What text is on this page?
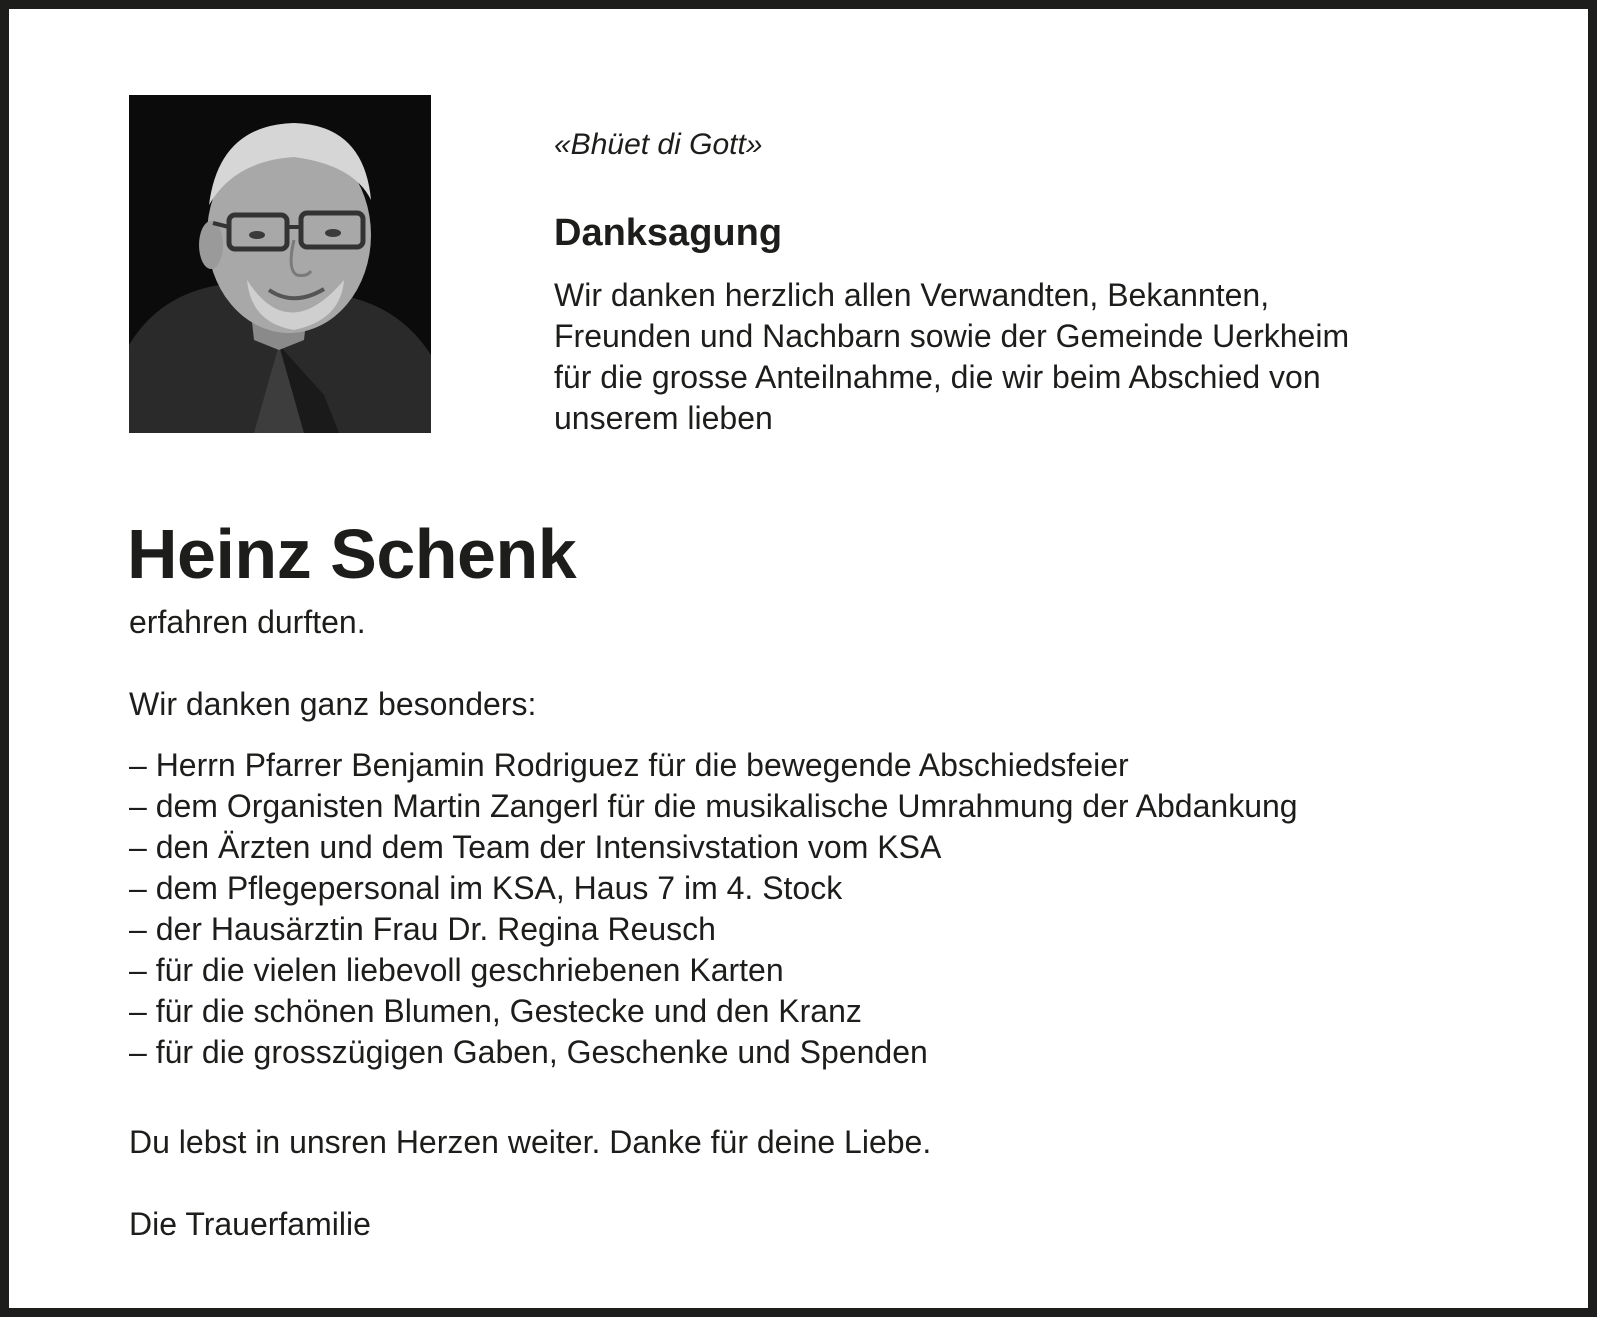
«Bhüet di Gott»

Danksagung

Wir danken herzlich allen Verwandten, Bekannten,
Freunden und Nachbarn sowie der Gemeinde Uerkheim
für die grosse Anteilnahme, die wir beim Abschied von
unserem lieben

Heinz Schenk

erfahren durften.

Wir danken ganz besonders:

– Herrn Pfarrer Benjamin Rodriguez für die bewegende Abschiedsfeier
– dem Organisten Martin Zangerl für die musikalische Umrahmung der Abdankung
– den Ärzten und dem Team der Intensivstation vom KSA
– dem Pflegepersonal im KSA, Haus 7 im 4. Stock
– der Hausärztin Frau Dr. Regina Reusch
– für die vielen liebevoll geschriebenen Karten
– für die schönen Blumen, Gestecke und den Kranz
– für die grosszügigen Gaben, Geschenke und Spenden

Du lebst in unsren Herzen weiter. Danke für deine Liebe.

Die Trauerfamilie
